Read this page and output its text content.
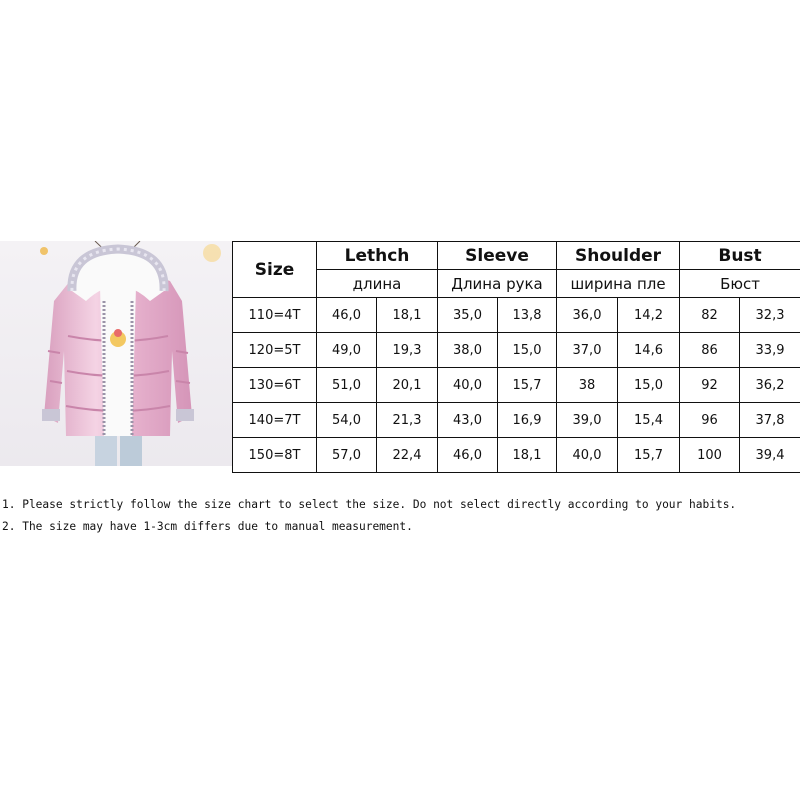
Size	Lethch		Sleeve		Shoulder		Bust	
	длина		Длина рука		ширина пле		Бюст	
110=4T	46,0	18,1	35,0	13,8	36,0	14,2	82	32,3
120=5T	49,0	19,3	38,0	15,0	37,0	14,6	86	33,9
130=6T	51,0	20,1	40,0	15,7	38	15,0	92	36,2
140=7T	54,0	21,3	43,0	16,9	39,0	15,4	96	37,8
150=8T	57,0	22,4	46,0	18,1	40,0	15,7	100	39,4
1. Please strictly follow the size chart to select the size. Do not select directly according to your habits.
2. The size may have 1-3cm differs due to manual measurement.
